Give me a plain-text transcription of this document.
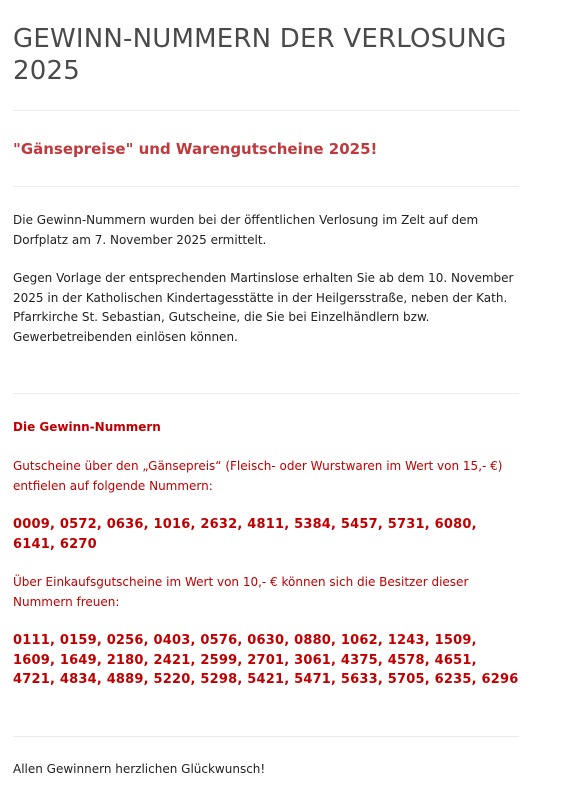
GEWINN-NUMMERN DER VERLOSUNG 2025
"Gänsepreise" und Warengutscheine 2025!

Die Gewinn-Nummern wurden bei der öffentlichen Verlosung im Zelt auf dem Dorfplatz am 7. November 2025 ermittelt.

Gegen Vorlage der entsprechenden Martinslose erhalten Sie ab dem 10. November 2025 in der Katholischen Kindertagesstätte in der Heilgersstraße, neben der Kath. Pfarrkirche St. Sebastian, Gutscheine, die Sie bei Einzelhändlern bzw. Gewerbetreibenden einlösen können.

Die Gewinn-Nummern

Gutscheine über den „Gänsepreis“ (Fleisch- oder Wurstwaren im Wert von 15,- €) entfielen auf folgende Nummern:

0009, 0572, 0636, 1016, 2632, 4811, 5384, 5457, 5731, 6080, 6141, 6270

Über Einkaufsgutscheine im Wert von 10,- € können sich die Besitzer dieser Nummern freuen:

0111, 0159, 0256, 0403, 0576, 0630, 0880, 1062, 1243, 1509, 1609, 1649, 2180, 2421, 2599, 2701, 3061, 4375, 4578, 4651, 4721, 4834, 4889, 5220, 5298, 5421, 5471, 5633, 5705, 6235, 6296

Allen Gewinnern herzlichen Glückwunsch!
